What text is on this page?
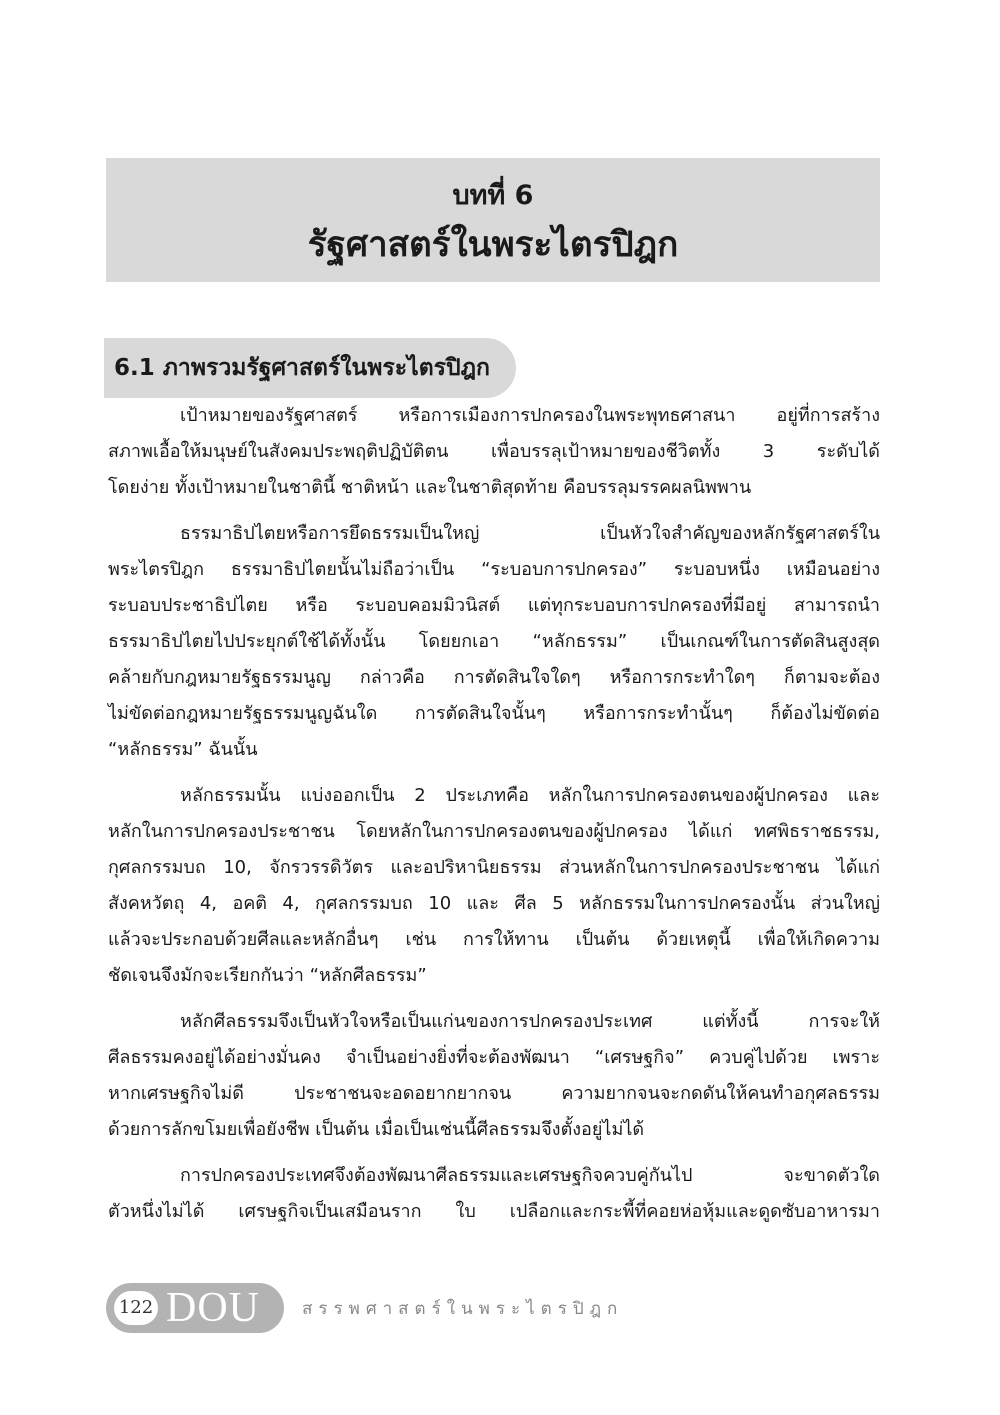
บทที่ 6
รัฐศาสตร์ในพระไตรปิฎก
6.1 ภาพรวมรัฐศาสตร์ในพระไตรปิฎก

เป้าหมายของรัฐศาสตร์ หรือการเมืองการปกครองในพระพุทธศาสนา อยู่ที่การสร้าง
สภาพเอื้อให้มนุษย์ในสังคมประพฤติปฏิบัติตน เพื่อบรรลุเป้าหมายของชีวิตทั้ง 3 ระดับได้
โดยง่าย ทั้งเป้าหมายในชาตินี้ ชาติหน้า และในชาติสุดท้าย คือบรรลุมรรคผลนิพพาน

ธรรมาธิปไตยหรือการยึดธรรมเป็นใหญ่ เป็นหัวใจสำคัญของหลักรัฐศาสตร์ใน
พระไตรปิฎก ธรรมาธิปไตยนั้นไม่ถือว่าเป็น “ระบอบการปกครอง” ระบอบหนึ่ง เหมือนอย่าง
ระบอบประชาธิปไตย หรือ ระบอบคอมมิวนิสต์ แต่ทุกระบอบการปกครองที่มีอยู่ สามารถนำ
ธรรมาธิปไตยไปประยุกต์ใช้ได้ทั้งนั้น โดยยกเอา “หลักธรรม” เป็นเกณฑ์ในการตัดสินสูงสุด
คล้ายกับกฎหมายรัฐธรรมนูญ กล่าวคือ การตัดสินใจใดๆ หรือการกระทำใดๆ ก็ตามจะต้อง
ไม่ขัดต่อกฎหมายรัฐธรรมนูญฉันใด การตัดสินใจนั้นๆ หรือการกระทำนั้นๆ ก็ต้องไม่ขัดต่อ
“หลักธรรม” ฉันนั้น

หลักธรรมนั้น แบ่งออกเป็น 2 ประเภทคือ หลักในการปกครองตนของผู้ปกครอง และ
หลักในการปกครองประชาชน โดยหลักในการปกครองตนของผู้ปกครอง ได้แก่ ทศพิธราชธรรม,
กุศลกรรมบถ 10, จักรวรรดิวัตร และอปริหานิยธรรม ส่วนหลักในการปกครองประชาชน ได้แก่
สังคหวัตถุ 4, อคติ 4, กุศลกรรมบถ 10 และ ศีล 5 หลักธรรมในการปกครองนั้น ส่วนใหญ่
แล้วจะประกอบด้วยศีลและหลักอื่นๆ เช่น การให้ทาน เป็นต้น ด้วยเหตุนี้ เพื่อให้เกิดความ
ชัดเจนจึงมักจะเรียกกันว่า “หลักศีลธรรม”

หลักศีลธรรมจึงเป็นหัวใจหรือเป็นแก่นของการปกครองประเทศ แต่ทั้งนี้ การจะให้
ศีลธรรมคงอยู่ได้อย่างมั่นคง จำเป็นอย่างยิ่งที่จะต้องพัฒนา “เศรษฐกิจ” ควบคู่ไปด้วย เพราะ
หากเศรษฐกิจไม่ดี ประชาชนจะอดอยากยากจน ความยากจนจะกดดันให้คนทำอกุศลธรรม
ด้วยการลักขโมยเพื่อยังชีพ เป็นต้น เมื่อเป็นเช่นนี้ศีลธรรมจึงตั้งอยู่ไม่ได้

การปกครองประเทศจึงต้องพัฒนาศีลธรรมและเศรษฐกิจควบคู่กันไป จะขาดตัวใด
ตัวหนึ่งไม่ได้ เศรษฐกิจเป็นเสมือนราก ใบ เปลือกและกระพี้ที่คอยห่อหุ้มและดูดซับอาหารมา

122 DOU สรรพศาสตร์ในพระไตรปิฎก
